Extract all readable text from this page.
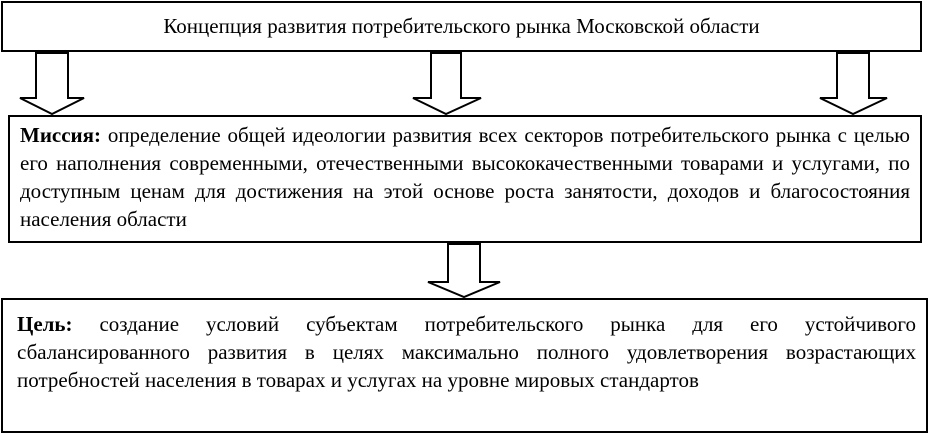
Концепция развития потребительского рынка Московской области
Миссия: определение общей идеологии развития всех секторов потребительского рынка с целью его наполнения современными, отечественными высококачественными товарами и услугами, по доступным ценам для достижения на этой основе роста занятости, доходов и благосостояния населения области
Цель: создание условий субъектам потребительского рынка для его устойчивого сбалансированного развития в целях максимально полного удовлетворения возрастающих потребностей населения в товарах и услугах на уровне мировых стандартов
